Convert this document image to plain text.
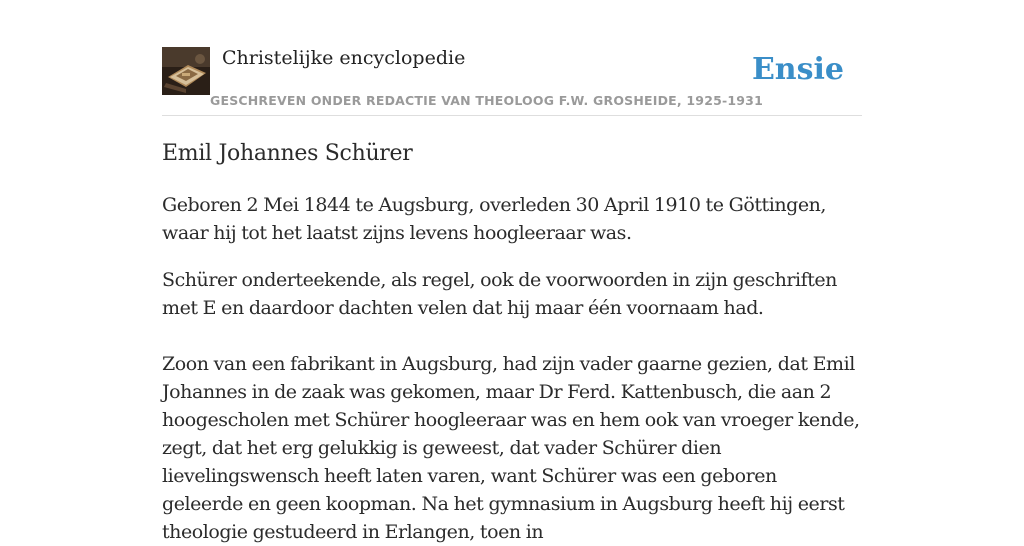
Christelijke encyclopedie
GESCHREVEN ONDER REDACTIE VAN THEOLOOG F.W. GROSHEIDE, 1925-1931
Ensie
Emil Johannes Schürer

Geboren 2 Mei 1844 te Augsburg, overleden 30 April 1910 te Göttingen, waar hij tot het laatst zijns levens hoogleeraar was.

Schürer onderteekende, als regel, ook de voorwoorden in zijn geschriften met E en daardoor dachten velen dat hij maar één voornaam had.

Zoon van een fabrikant in Augsburg, had zijn vader gaarne gezien, dat Emil Johannes in de zaak was gekomen, maar Dr Ferd. Kattenbusch, die aan 2 hoogescholen met Schürer hoogleeraar was en hem ook van vroeger kende, zegt, dat het erg gelukkig is geweest, dat vader Schürer dien lievelingswensch heeft laten varen, want Schürer was een geboren geleerde en geen koopman. Na het gymnasium in Augsburg heeft hij eerst theologie gestudeerd in Erlangen, toen in
